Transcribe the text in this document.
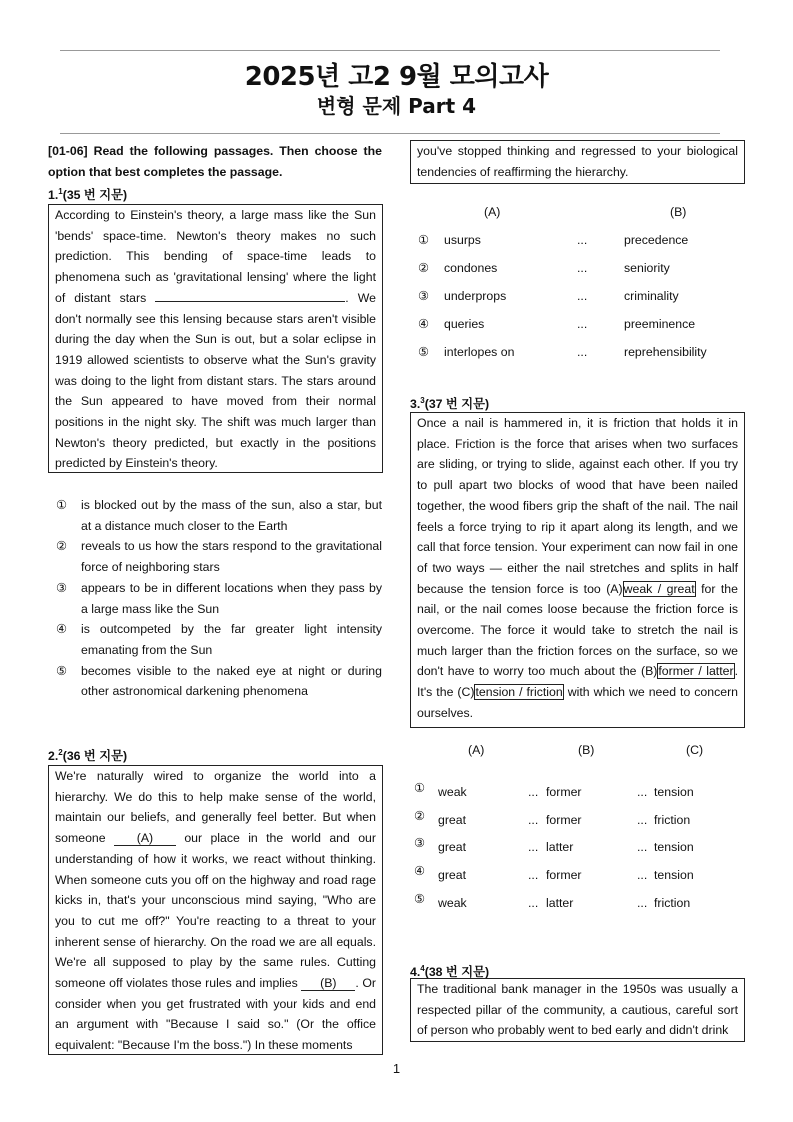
2025년 고2 9월 모의고사
변형 문제 Part 4
[01-06] Read the following passages. Then choose the option that best completes the passage.
1.$^1$(35 번 지문)
According to Einstein's theory, a large mass like the Sun 'bends' space-time. Newton's theory makes no such prediction. This bending of space-time leads to phenomena such as 'gravitational lensing' where the light of distant stars	. We don't normally see this lensing because stars aren't visible during the day when the Sun is out, but a solar eclipse in 1919 allowed scientists to observe what the Sun's gravity was doing to the light from distant stars. The stars around the Sun appeared to have moved from their normal positions in the night sky. The shift was much larger than Newton's theory predicted, but exactly in the positions predicted by Einstein's theory.
①	is blocked out by the mass of the sun, also a star, but at a distance much closer to the Earth
②	reveals to us how the stars respond to the gravitational force of neighboring stars
③	appears to be in different locations when they pass by a large mass like the Sun
④	is outcompeted by the far greater light intensity emanating from the Sun
⑤	becomes visible to the naked eye at night or during other astronomical darkening phenomena
2.$^2$(36 번 지문)
We're naturally wired to organize the world into a hierarchy. We do this to help make sense of the world, maintain our beliefs, and generally feel better. But when someone (A) our place in the world and our understanding of how it works, we react without thinking. When someone cuts you off on the highway and road rage kicks in, that's your unconscious mind saying, "Who are you to cut me off?" You're reacting to a threat to your inherent sense of hierarchy. On the road we are all equals. We're all supposed to play by the same rules. Cutting someone off violates those rules and implies (B) . Or consider when you get frustrated with your kids and end an argument with "Because I said so." (Or the office equivalent: "Because I'm the boss.") In these moments
you've stopped thinking and regressed to your biological tendencies of reaffirming the hierarchy.
(A)	(B)
① usurps	...	precedence
② condones	...	seniority
③ underprops	...	criminality
④ queries	...	preeminence
⑤ interlopes on	...	reprehensibility
3.$^3$(37 번 지문)
Once a nail is hammered in, it is friction that holds it in place. Friction is the force that arises when two surfaces are sliding, or trying to slide, against each other. If you try to pull apart two blocks of wood that have been nailed together, the wood fibers grip the shaft of the nail. The nail feels a force trying to rip it apart along its length, and we call that force tension. Your experiment can now fail in one of two ways — either the nail stretches and splits in half because the tension force is too (A)weak / great for the nail, or the nail comes loose because the friction force is overcome. The force it would take to stretch the nail is much larger than the friction forces on the surface, so we don't have to worry too much about the (B)former / latter. It's the (C)tension / friction with which we need to concern ourselves.
(A)	(B)	(C)
① weak	... former	... tension
② great	... former	... friction
③ great	... latter	... tension
④ great	... former	... tension
⑤ weak	... latter	... friction
4.$^4$(38 번 지문)
The traditional bank manager in the 1950s was usually a respected pillar of the community, a cautious, careful sort of person who probably went to bed early and didn't drink
1
